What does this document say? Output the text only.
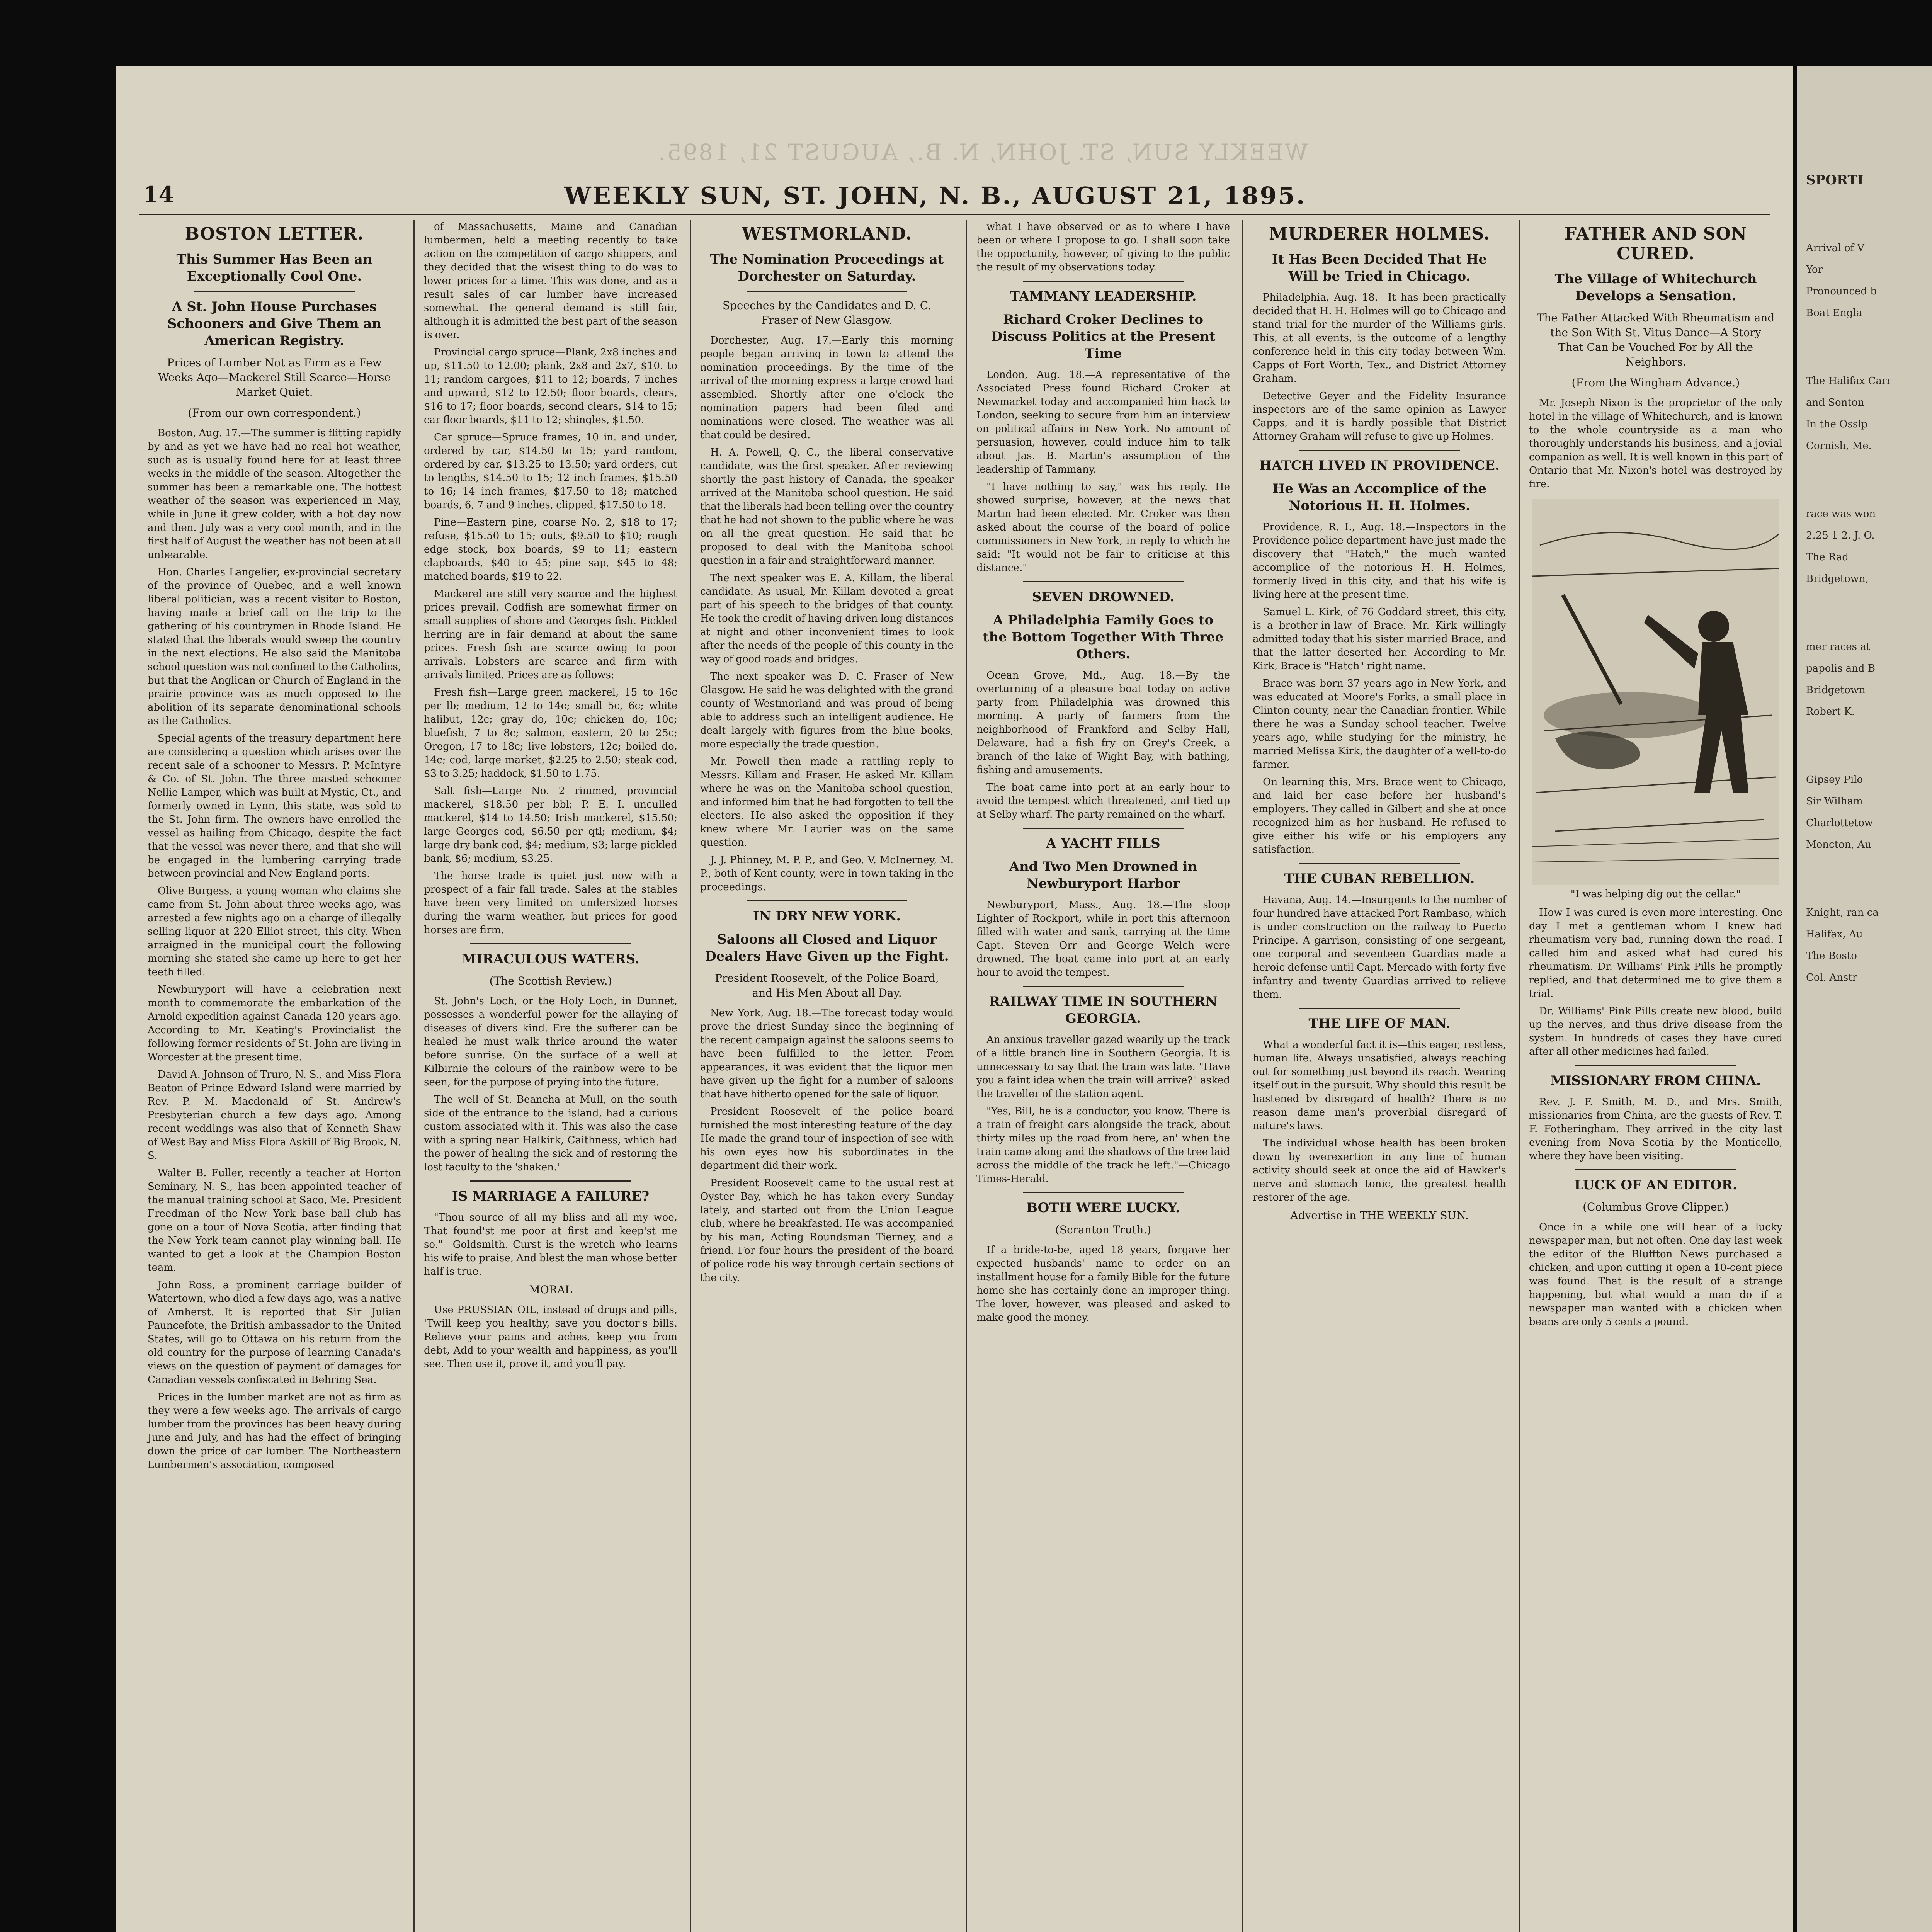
SPORTI

Arrival of V

Yor

Pronounced b

Boat Engla

The Halifax Carr

and Sonton

In the Osslp

Cornish, Me.

race was won

2.25 1-2. J. O.

The Rad

Bridgetown,

mer races at

papolis and B

Bridgetown

Robert K.

Gipsey Pilo

Sir Wilham

Charlottetow

Moncton, Au

Knight, ran ca

Halifax, Au

The Bosto

Col. Anstr

WEEKLY SUN, ST. JOHN, N. B., AUGUST 21, 1895.
14	WEEKLY SUN, ST. JOHN, N. B., AUGUST 21, 1895.
BOSTON LETTER.
This Summer Has Been an Exceptionally Cool One.
A St. John House Purchases Schooners and Give Them an American Registry.
Prices of Lumber Not as Firm as a Few Weeks Ago—Mackerel Still Scarce—Horse Market Quiet.
(From our own correspondent.)

Boston, Aug. 17.—The summer is flitting rapidly by and as yet we have had no real hot weather, such as is usually found here for at least three weeks in the middle of the season. Altogether the summer has been a remarkable one. The hottest weather of the season was experienced in May, while in June it grew colder, with a hot day now and then. July was a very cool month, and in the first half of August the weather has not been at all unbearable.

Hon. Charles Langelier, ex-provincial secretary of the province of Quebec, and a well known liberal politician, was a recent visitor to Boston, having made a brief call on the trip to the gathering of his countrymen in Rhode Island. He stated that the liberals would sweep the country in the next elections. He also said the Manitoba school question was not confined to the Catholics, but that the Anglican or Church of England in the prairie province was as much opposed to the abolition of its separate denominational schools as the Catholics.

Special agents of the treasury department here are considering a question which arises over the recent sale of a schooner to Messrs. P. McIntyre & Co. of St. John. The three masted schooner Nellie Lamper, which was built at Mystic, Ct., and formerly owned in Lynn, this state, was sold to the St. John firm. The owners have enrolled the vessel as hailing from Chicago, despite the fact that the vessel was never there, and that she will be engaged in the lumbering carrying trade between provincial and New England ports.

Olive Burgess, a young woman who claims she came from St. John about three weeks ago, was arrested a few nights ago on a charge of illegally selling liquor at 220 Elliot street, this city. When arraigned in the municipal court the following morning she stated she came up here to get her teeth filled.

Newburyport will have a celebration next month to commemorate the embarkation of the Arnold expedition against Canada 120 years ago. According to Mr. Keating's Provincialist the following former residents of St. John are living in Worcester at the present time.

David A. Johnson of Truro, N. S., and Miss Flora Beaton of Prince Edward Island were married by Rev. P. M. Macdonald of St. Andrew's Presbyterian church a few days ago. Among recent weddings was also that of Kenneth Shaw of West Bay and Miss Flora Askill of Big Brook, N. S.

Walter B. Fuller, recently a teacher at Horton Seminary, N. S., has been appointed teacher of the manual training school at Saco, Me. President Freedman of the New York base ball club has gone on a tour of Nova Scotia, after finding that the New York team cannot play winning ball. He wanted to get a look at the Champion Boston team.

John Ross, a prominent carriage builder of Watertown, who died a few days ago, was a native of Amherst. It is reported that Sir Julian Pauncefote, the British ambassador to the United States, will go to Ottawa on his return from the old country for the purpose of learning Canada's views on the question of payment of damages for Canadian vessels confiscated in Behring Sea.

Prices in the lumber market are not as firm as they were a few weeks ago. The arrivals of cargo lumber from the provinces has been heavy during June and July, and has had the effect of bringing down the price of car lumber. The Northeastern Lumbermen's association, composed

of Massachusetts, Maine and Canadian lumbermen, held a meeting recently to take action on the competition of cargo shippers, and they decided that the wisest thing to do was to lower prices for a time. This was done, and as a result sales of car lumber have increased somewhat. The general demand is still fair, although it is admitted the best part of the season is over.

Provincial cargo spruce—Plank, 2x8 inches and up, $11.50 to 12.00; plank, 2x8 and 2x7, $10. to 11; random cargoes, $11 to 12; boards, 7 inches and upward, $12 to 12.50; floor boards, clears, $16 to 17; floor boards, second clears, $14 to 15; car floor boards, $11 to 12; shingles, $1.50.

Car spruce—Spruce frames, 10 in. and under, ordered by car, $14.50 to 15; yard random, ordered by car, $13.25 to 13.50; yard orders, cut to lengths, $14.50 to 15; 12 inch frames, $15.50 to 16; 14 inch frames, $17.50 to 18; matched boards, 6, 7 and 9 inches, clipped, $17.50 to 18.

Pine—Eastern pine, coarse No. 2, $18 to 17; refuse, $15.50 to 15; outs, $9.50 to $10; rough edge stock, box boards, $9 to 11; eastern clapboards, $40 to 45; pine sap, $45 to 48; matched boards, $19 to 22.

Mackerel are still very scarce and the highest prices prevail. Codfish are somewhat firmer on small supplies of shore and Georges fish. Pickled herring are in fair demand at about the same prices. Fresh fish are scarce owing to poor arrivals. Lobsters are scarce and firm with arrivals limited. Prices are as follows:

Fresh fish—Large green mackerel, 15 to 16c per lb; medium, 12 to 14c; small 5c, 6c; white halibut, 12c; gray do, 10c; chicken do, 10c; bluefish, 7 to 8c; salmon, eastern, 20 to 25c; Oregon, 17 to 18c; live lobsters, 12c; boiled do, 14c; cod, large market, $2.25 to 2.50; steak cod, $3 to 3.25; haddock, $1.50 to 1.75.

Salt fish—Large No. 2 rimmed, provincial mackerel, $18.50 per bbl; P. E. I. unculled mackerel, $14 to 14.50; Irish mackerel, $15.50; large Georges cod, $6.50 per qtl; medium, $4; large dry bank cod, $4; medium, $3; large pickled bank, $6; medium, $3.25.

The horse trade is quiet just now with a prospect of a fair fall trade. Sales at the stables have been very limited on undersized horses during the warm weather, but prices for good horses are firm.

MIRACULOUS WATERS.
(The Scottish Review.)

St. John's Loch, or the Holy Loch, in Dunnet, possesses a wonderful power for the allaying of diseases of divers kind. Ere the sufferer can be healed he must walk thrice around the water before sunrise. On the surface of a well at Kilbirnie the colours of the rainbow were to be seen, for the purpose of prying into the future.

The well of St. Beancha at Mull, on the south side of the entrance to the island, had a curious custom associated with it. This was also the case with a spring near Halkirk, Caithness, which had the power of healing the sick and of restoring the lost faculty to the 'shaken.'

IS MARRIAGE A FAILURE?

"Thou source of all my bliss and all my woe, That found'st me poor at first and keep'st me so."—Goldsmith. Curst is the wretch who learns his wife to praise, And blest the man whose better half is true.

MORAL

Use PRUSSIAN OIL, instead of drugs and pills, 'Twill keep you healthy, save you doctor's bills. Relieve your pains and aches, keep you from debt, Add to your wealth and happiness, as you'll see. Then use it, prove it, and you'll pay.

WESTMORLAND.
The Nomination Proceedings at Dorchester on Saturday.
Speeches by the Candidates and D. C. Fraser of New Glasgow.

Dorchester, Aug. 17.—Early this morning people began arriving in town to attend the nomination proceedings. By the time of the arrival of the morning express a large crowd had assembled. Shortly after one o'clock the nomination papers had been filed and nominations were closed. The weather was all that could be desired.

H. A. Powell, Q. C., the liberal conservative candidate, was the first speaker. After reviewing shortly the past history of Canada, the speaker arrived at the Manitoba school question. He said that the liberals had been telling over the country that he had not shown to the public where he was on all the great question. He said that he proposed to deal with the Manitoba school question in a fair and straightforward manner.

The next speaker was E. A. Killam, the liberal candidate. As usual, Mr. Killam devoted a great part of his speech to the bridges of that county. He took the credit of having driven long distances at night and other inconvenient times to look after the needs of the people of this county in the way of good roads and bridges.

The next speaker was D. C. Fraser of New Glasgow. He said he was delighted with the grand county of Westmorland and was proud of being able to address such an intelligent audience. He dealt largely with figures from the blue books, more especially the trade question.

Mr. Powell then made a rattling reply to Messrs. Killam and Fraser. He asked Mr. Killam where he was on the Manitoba school question, and informed him that he had forgotten to tell the electors. He also asked the opposition if they knew where Mr. Laurier was on the same question.

J. J. Phinney, M. P. P., and Geo. V. McInerney, M. P., both of Kent county, were in town taking in the proceedings.

IN DRY NEW YORK.
Saloons all Closed and Liquor Dealers Have Given up the Fight.
President Roosevelt, of the Police Board, and His Men About all Day.

New York, Aug. 18.—The forecast today would prove the driest Sunday since the beginning of the recent campaign against the saloons seems to have been fulfilled to the letter. From appearances, it was evident that the liquor men have given up the fight for a number of saloons that have hitherto opened for the sale of liquor.

President Roosevelt of the police board furnished the most interesting feature of the day. He made the grand tour of inspection of see with his own eyes how his subordinates in the department did their work.

President Roosevelt came to the usual rest at Oyster Bay, which he has taken every Sunday lately, and started out from the Union League club, where he breakfasted. He was accompanied by his man, Acting Roundsman Tierney, and a friend. For four hours the president of the board of police rode his way through certain sections of the city.

what I have observed or as to where I have been or where I propose to go. I shall soon take the opportunity, however, of giving to the public the result of my observations today.

TAMMANY LEADERSHIP.
Richard Croker Declines to Discuss Politics at the Present Time

London, Aug. 18.—A representative of the Associated Press found Richard Croker at Newmarket today and accompanied him back to London, seeking to secure from him an interview on political affairs in New York. No amount of persuasion, however, could induce him to talk about Jas. B. Martin's assumption of the leadership of Tammany.

"I have nothing to say," was his reply. He showed surprise, however, at the news that Martin had been elected. Mr. Croker was then asked about the course of the board of police commissioners in New York, in reply to which he said: "It would not be fair to criticise at this distance."

SEVEN DROWNED.
A Philadelphia Family Goes to the Bottom Together With Three Others.

Ocean Grove, Md., Aug. 18.—By the overturning of a pleasure boat today on active party from Philadelphia was drowned this morning. A party of farmers from the neighborhood of Frankford and Selby Hall, Delaware, had a fish fry on Grey's Creek, a branch of the lake of Wight Bay, with bathing, fishing and amusements.

The boat came into port at an early hour to avoid the tempest which threatened, and tied up at Selby wharf. The party remained on the wharf.

A YACHT FILLS
And Two Men Drowned in Newburyport Harbor

Newburyport, Mass., Aug. 18.—The sloop Lighter of Rockport, while in port this afternoon filled with water and sank, carrying at the time Capt. Steven Orr and George Welch were drowned. The boat came into port at an early hour to avoid the tempest.

RAILWAY TIME IN SOUTHERN GEORGIA.

An anxious traveller gazed wearily up the track of a little branch line in Southern Georgia. It is unnecessary to say that the train was late. "Have you a faint idea when the train will arrive?" asked the traveller of the station agent.

"Yes, Bill, he is a conductor, you know. There is a train of freight cars alongside the track, about thirty miles up the road from here, an' when the train came along and the shadows of the tree laid across the middle of the track he left."—Chicago Times-Herald.

BOTH WERE LUCKY.
(Scranton Truth.)

If a bride-to-be, aged 18 years, forgave her expected husbands' name to order on an installment house for a family Bible for the future home she has certainly done an improper thing. The lover, however, was pleased and asked to make good the money.

MURDERER HOLMES.
It Has Been Decided That He Will be Tried in Chicago.

Philadelphia, Aug. 18.—It has been practically decided that H. H. Holmes will go to Chicago and stand trial for the murder of the Williams girls. This, at all events, is the outcome of a lengthy conference held in this city today between Wm. Capps of Fort Worth, Tex., and District Attorney Graham.

Detective Geyer and the Fidelity Insurance inspectors are of the same opinion as Lawyer Capps, and it is hardly possible that District Attorney Graham will refuse to give up Holmes.

HATCH LIVED IN PROVIDENCE.
He Was an Accomplice of the Notorious H. H. Holmes.

Providence, R. I., Aug. 18.—Inspectors in the Providence police department have just made the discovery that "Hatch," the much wanted accomplice of the notorious H. H. Holmes, formerly lived in this city, and that his wife is living here at the present time.

Samuel L. Kirk, of 76 Goddard street, this city, is a brother-in-law of Brace. Mr. Kirk willingly admitted today that his sister married Brace, and that the latter deserted her. According to Mr. Kirk, Brace is "Hatch" right name.

Brace was born 37 years ago in New York, and was educated at Moore's Forks, a small place in Clinton county, near the Canadian frontier. While there he was a Sunday school teacher. Twelve years ago, while studying for the ministry, he married Melissa Kirk, the daughter of a well-to-do farmer.

On learning this, Mrs. Brace went to Chicago, and laid her case before her husband's employers. They called in Gilbert and she at once recognized him as her husband. He refused to give either his wife or his employers any satisfaction.

THE CUBAN REBELLION.

Havana, Aug. 14.—Insurgents to the number of four hundred have attacked Port Rambaso, which is under construction on the railway to Puerto Principe. A garrison, consisting of one sergeant, one corporal and seventeen Guardias made a heroic defense until Capt. Mercado with forty-five infantry and twenty Guardias arrived to relieve them.

THE LIFE OF MAN.

What a wonderful fact it is—this eager, restless, human life. Always unsatisfied, always reaching out for something just beyond its reach. Wearing itself out in the pursuit. Why should this result be hastened by disregard of health? There is no reason dame man's proverbial disregard of nature's laws.

The individual whose health has been broken down by overexertion in any line of human activity should seek at once the aid of Hawker's nerve and stomach tonic, the greatest health restorer of the age.

Advertise in THE WEEKLY SUN.
FATHER AND SON CURED.
The Village of Whitechurch Develops a Sensation.
The Father Attacked With Rheumatism and the Son With St. Vitus Dance—A Story That Can be Vouched For by All the Neighbors.
(From the Wingham Advance.)

Mr. Joseph Nixon is the proprietor of the only hotel in the village of Whitechurch, and is known to the whole countryside as a man who thoroughly understands his business, and a jovial companion as well. It is well known in this part of Ontario that Mr. Nixon's hotel was destroyed by fire.

"I was helping dig out the cellar."

How I was cured is even more interesting. One day I met a gentleman whom I knew had rheumatism very bad, running down the road. I called him and asked what had cured his rheumatism. Dr. Williams' Pink Pills he promptly replied, and that determined me to give them a trial.

Dr. Williams' Pink Pills create new blood, build up the nerves, and thus drive disease from the system. In hundreds of cases they have cured after all other medicines had failed.

MISSIONARY FROM CHINA.

Rev. J. F. Smith, M. D., and Mrs. Smith, missionaries from China, are the guests of Rev. T. F. Fotheringham. They arrived in the city last evening from Nova Scotia by the Monticello, where they have been visiting.

LUCK OF AN EDITOR.
(Columbus Grove Clipper.)

Once in a while one will hear of a lucky newspaper man, but not often. One day last week the editor of the Bluffton News purchased a chicken, and upon cutting it open a 10-cent piece was found. That is the result of a strange happening, but what would a man do if a newspaper man wanted with a chicken when beans are only 5 cents a pound.
